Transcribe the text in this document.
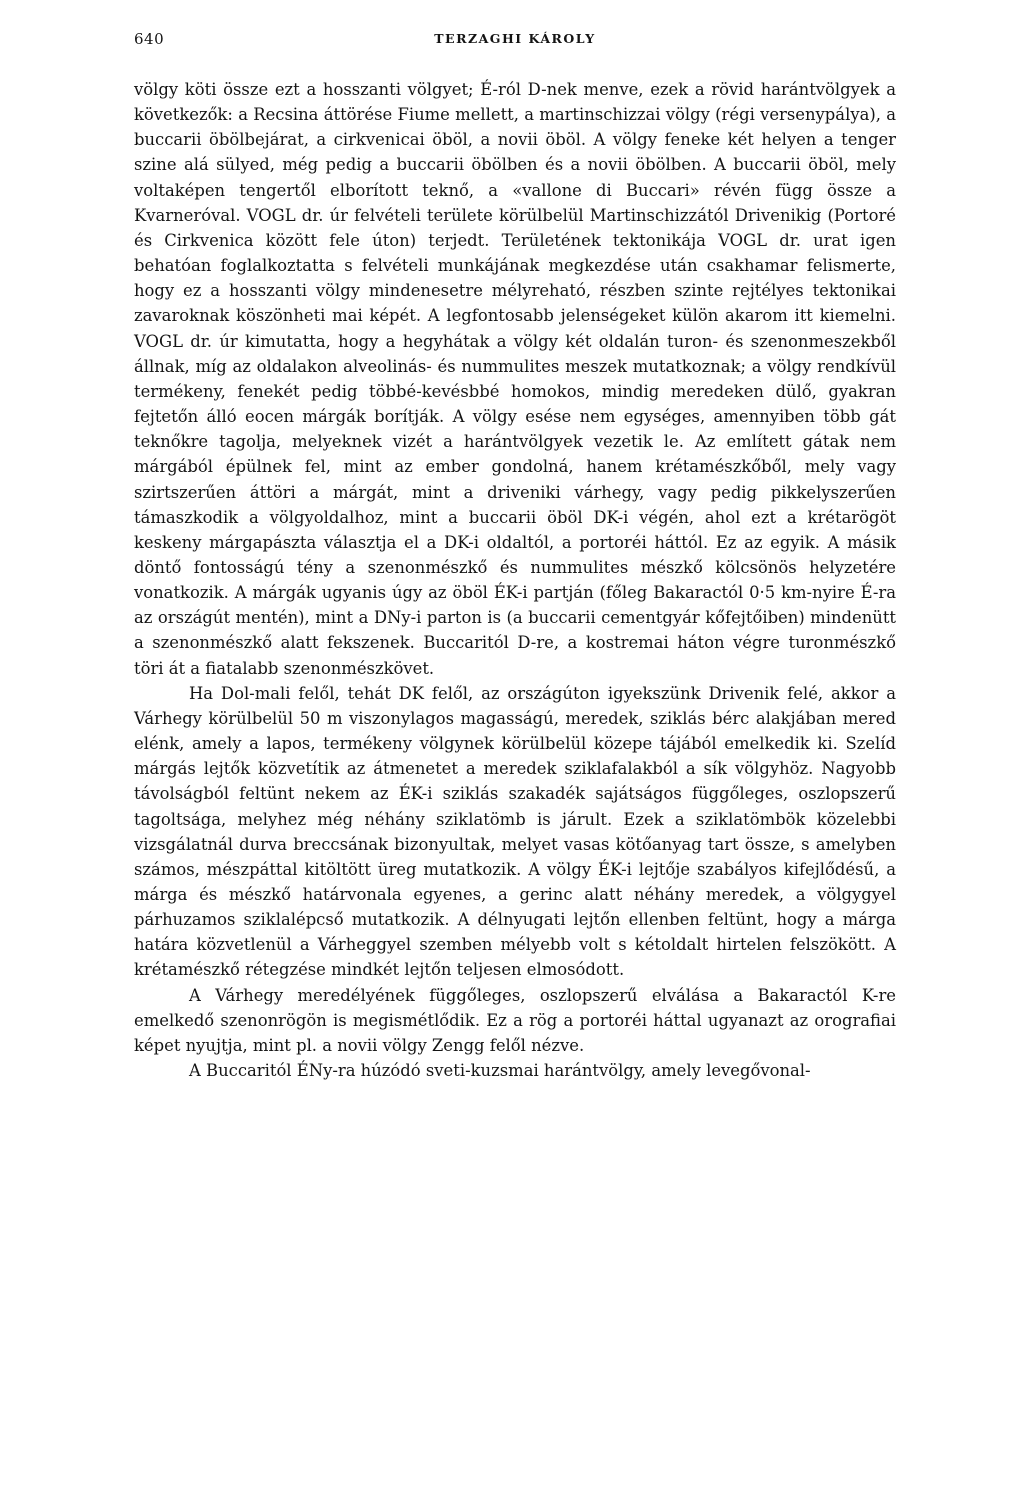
640	TERZAGHI KÁROLY

völgy köti össze ezt a hosszanti völgyet; É-ról D-nek menve, ezek a rövid harántvölgyek a következők: a Recsina áttörése Fiume mellett, a martinschizzai völgy (régi versenypálya), a buccarii öbölbejárat, a cirkvenicai öböl, a novii öböl. A völgy feneke két helyen a tenger szine alá sülyed, még pedig a buccarii öbölben és a novii öbölben. A buccarii öböl, mely voltaképen tengertől elborított teknő, a «vallone di Buccari» révén függ össze a Kvarneróval. VOGL dr. úr felvételi területe körülbelül Martinschizzától Drivenikig (Portoré és Cirkvenica között fele úton) terjedt. Területének tektonikája VOGL dr. urat igen behatóan foglalkoztatta s felvételi munkájának megkezdése után csakhamar felismerte, hogy ez a hosszanti völgy mindenesetre mélyreható, részben szinte rejtélyes tektonikai zavaroknak köszönheti mai képét. A legfontosabb jelenségeket külön akarom itt kiemelni. VOGL dr. úr kimutatta, hogy a hegyhátak a völgy két oldalán turon- és szenonmeszekből állnak, míg az oldalakon alveolinás- és nummulites meszek mutatkoznak; a völgy rendkívül termékeny, fenekét pedig többé-kevésbbé homokos, mindig meredeken dülő, gyakran fejtetőn álló eocen márgák borítják. A völgy esése nem egységes, amennyiben több gát teknőkre tagolja, melyeknek vizét a harántvölgyek vezetik le. Az említett gátak nem márgából épülnek fel, mint az ember gondolná, hanem krétamészkőből, mely vagy szirtszerűen áttöri a márgát, mint a driveniki várhegy, vagy pedig pikkelyszerűen támaszkodik a völgyoldalhoz, mint a buccarii öböl DK-i végén, ahol ezt a krétarögöt keskeny márgapászta választja el a DK-i oldaltól, a portoréi háttól. Ez az egyik. A másik döntő fontosságú tény a szenonmészkő és nummulites mészkő kölcsönös helyzetére vonatkozik. A márgák ugyanis úgy az öböl ÉK-i partján (főleg Bakaractól 0·5 km-nyire É-ra az országút mentén), mint a DNy-i parton is (a buccarii cementgyár kőfejtőiben) mindenütt a szenonmészkő alatt fekszenek. Buccaritól D-re, a kostremai háton végre turonmészkő töri át a fiatalabb szenonmészkövet.

Ha Dol-mali felől, tehát DK felől, az országúton igyekszünk Drivenik felé, akkor a Várhegy körülbelül 50 m viszonylagos magasságú, meredek, sziklás bérc alakjában mered elénk, amely a lapos, termékeny völgynek körülbelül közepe tájából emelkedik ki. Szelíd márgás lejtők közvetítik az átmenetet a meredek sziklafalakból a sík völgyhöz. Nagyobb távolságból feltünt nekem az ÉK-i sziklás szakadék sajátságos függőleges, oszlopszerű tagoltsága, melyhez még néhány sziklatömb is járult. Ezek a sziklatömbök közelebbi vizsgálatnál durva breccsának bizonyultak, melyet vasas kötőanyag tart össze, s amelyben számos, mészpáttal kitöltött üreg mutatkozik. A völgy ÉK-i lejtője szabályos kifejlődésű, a márga és mészkő határvonala egyenes, a gerinc alatt néhány meredek, a völgygyel párhuzamos sziklalépcső mutatkozik. A délnyugati lejtőn ellenben feltünt, hogy a márga határa közvetlenül a Várheggyel szemben mélyebb volt s kétoldalt hirtelen felszökött. A krétamészkő rétegzése mindkét lejtőn teljesen elmosódott.

A Várhegy meredélyének függőleges, oszlopszerű elválása a Bakaractól K-re emelkedő szenonrögön is megismétlődik. Ez a rög a portoréi háttal ugyanazt az orografiai képet nyujtja, mint pl. a novii völgy Zengg felől nézve.

A Buccaritól ÉNy-ra húzódó sveti-kuzsmai harántvölgy, amely levegővonal-
